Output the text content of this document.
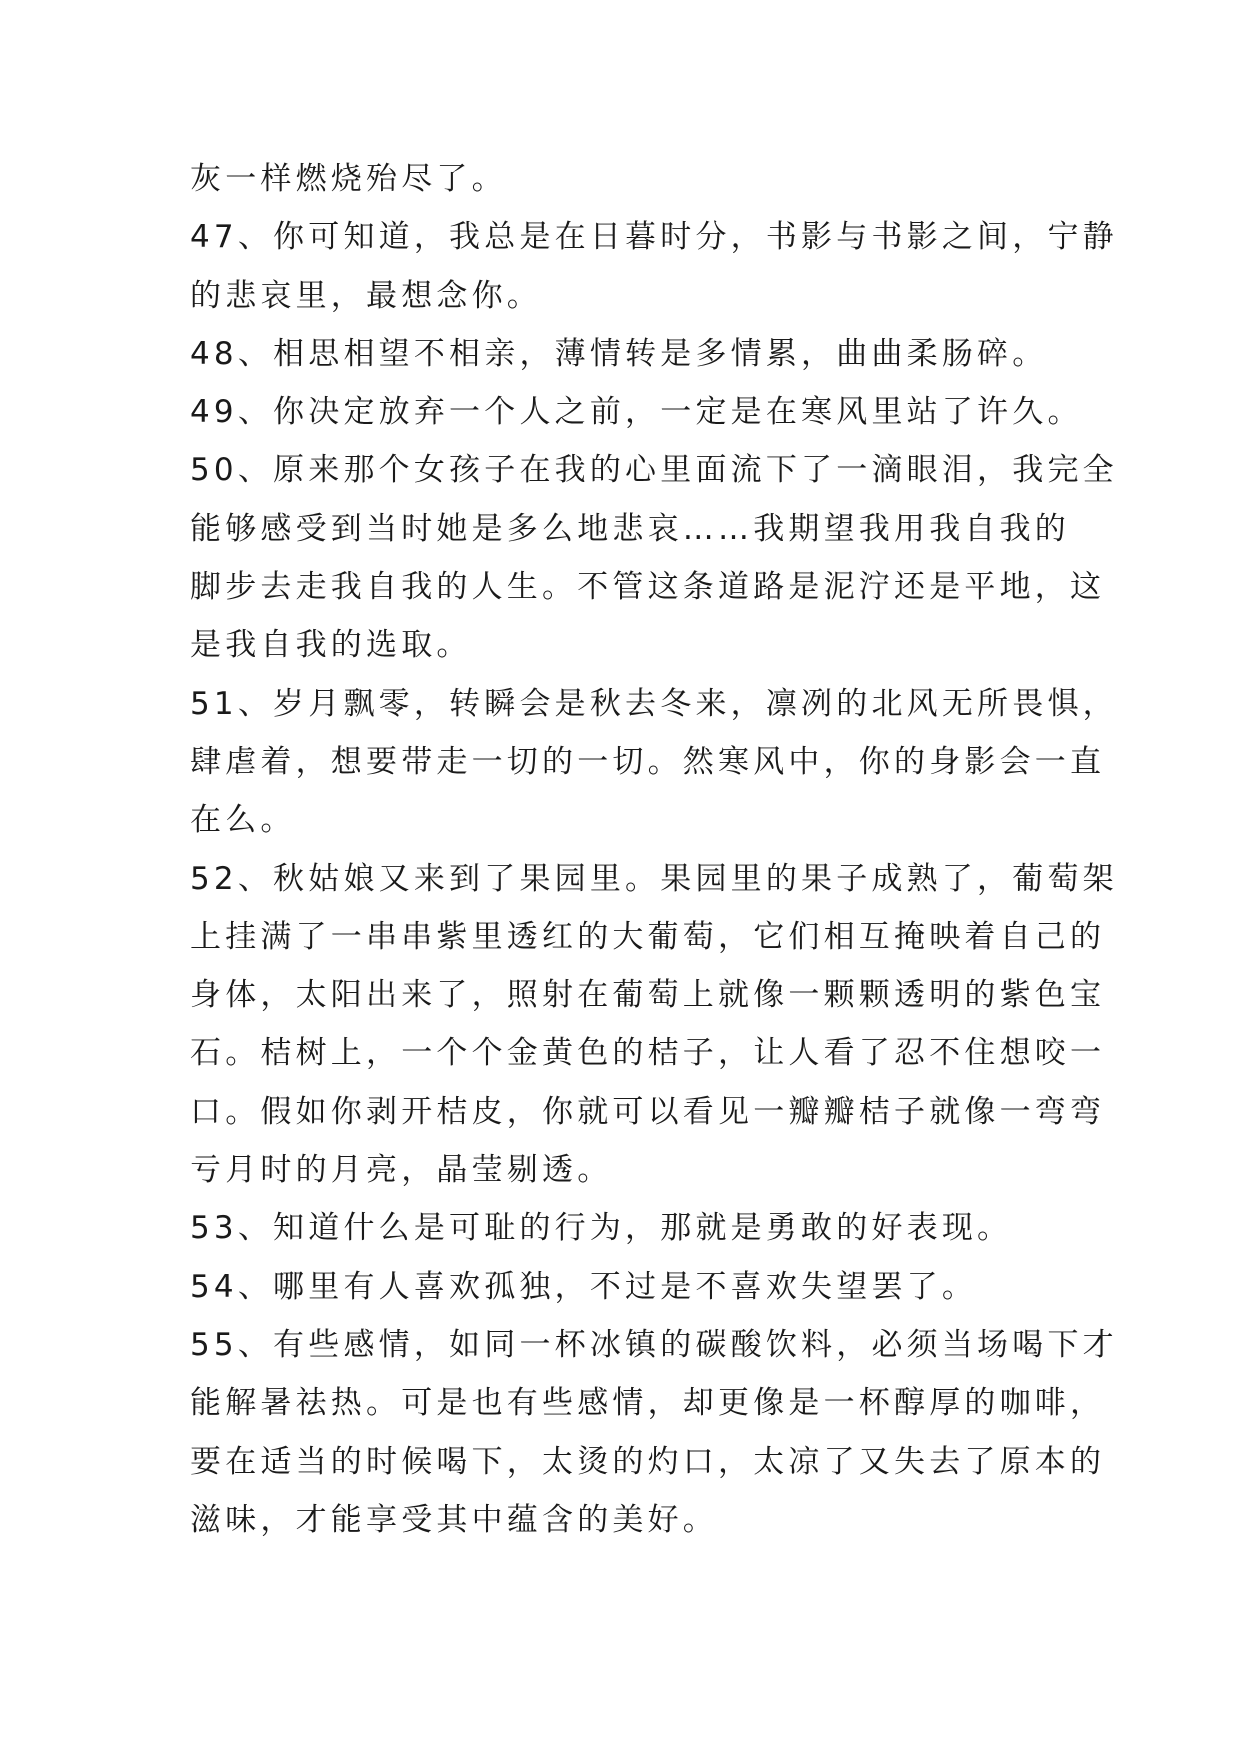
灰一样燃烧殆尽了。
47、你可知道，我总是在日暮时分，书影与书影之间，宁静
的悲哀里，最想念你。
48、相思相望不相亲，薄情转是多情累，曲曲柔肠碎。
49、你决定放弃一个人之前，一定是在寒风里站了许久。
50、原来那个女孩子在我的心里面流下了一滴眼泪，我完全
能够感受到当时她是多么地悲哀……我期望我用我自我的
脚步去走我自我的人生。不管这条道路是泥泞还是平地，这
是我自我的选取。
51、岁月飘零，转瞬会是秋去冬来，凛冽的北风无所畏惧，
肆虐着，想要带走一切的一切。然寒风中，你的身影会一直
在么。
52、秋姑娘又来到了果园里。果园里的果子成熟了，葡萄架
上挂满了一串串紫里透红的大葡萄，它们相互掩映着自己的
身体，太阳出来了，照射在葡萄上就像一颗颗透明的紫色宝
石。桔树上，一个个金黄色的桔子，让人看了忍不住想咬一
口。假如你剥开桔皮，你就可以看见一瓣瓣桔子就像一弯弯
亏月时的月亮，晶莹剔透。
53、知道什么是可耻的行为，那就是勇敢的好表现。
54、哪里有人喜欢孤独，不过是不喜欢失望罢了。
55、有些感情，如同一杯冰镇的碳酸饮料，必须当场喝下才
能解暑祛热。可是也有些感情，却更像是一杯醇厚的咖啡，
要在适当的时候喝下，太烫的灼口，太凉了又失去了原本的
滋味，才能享受其中蕴含的美好。
